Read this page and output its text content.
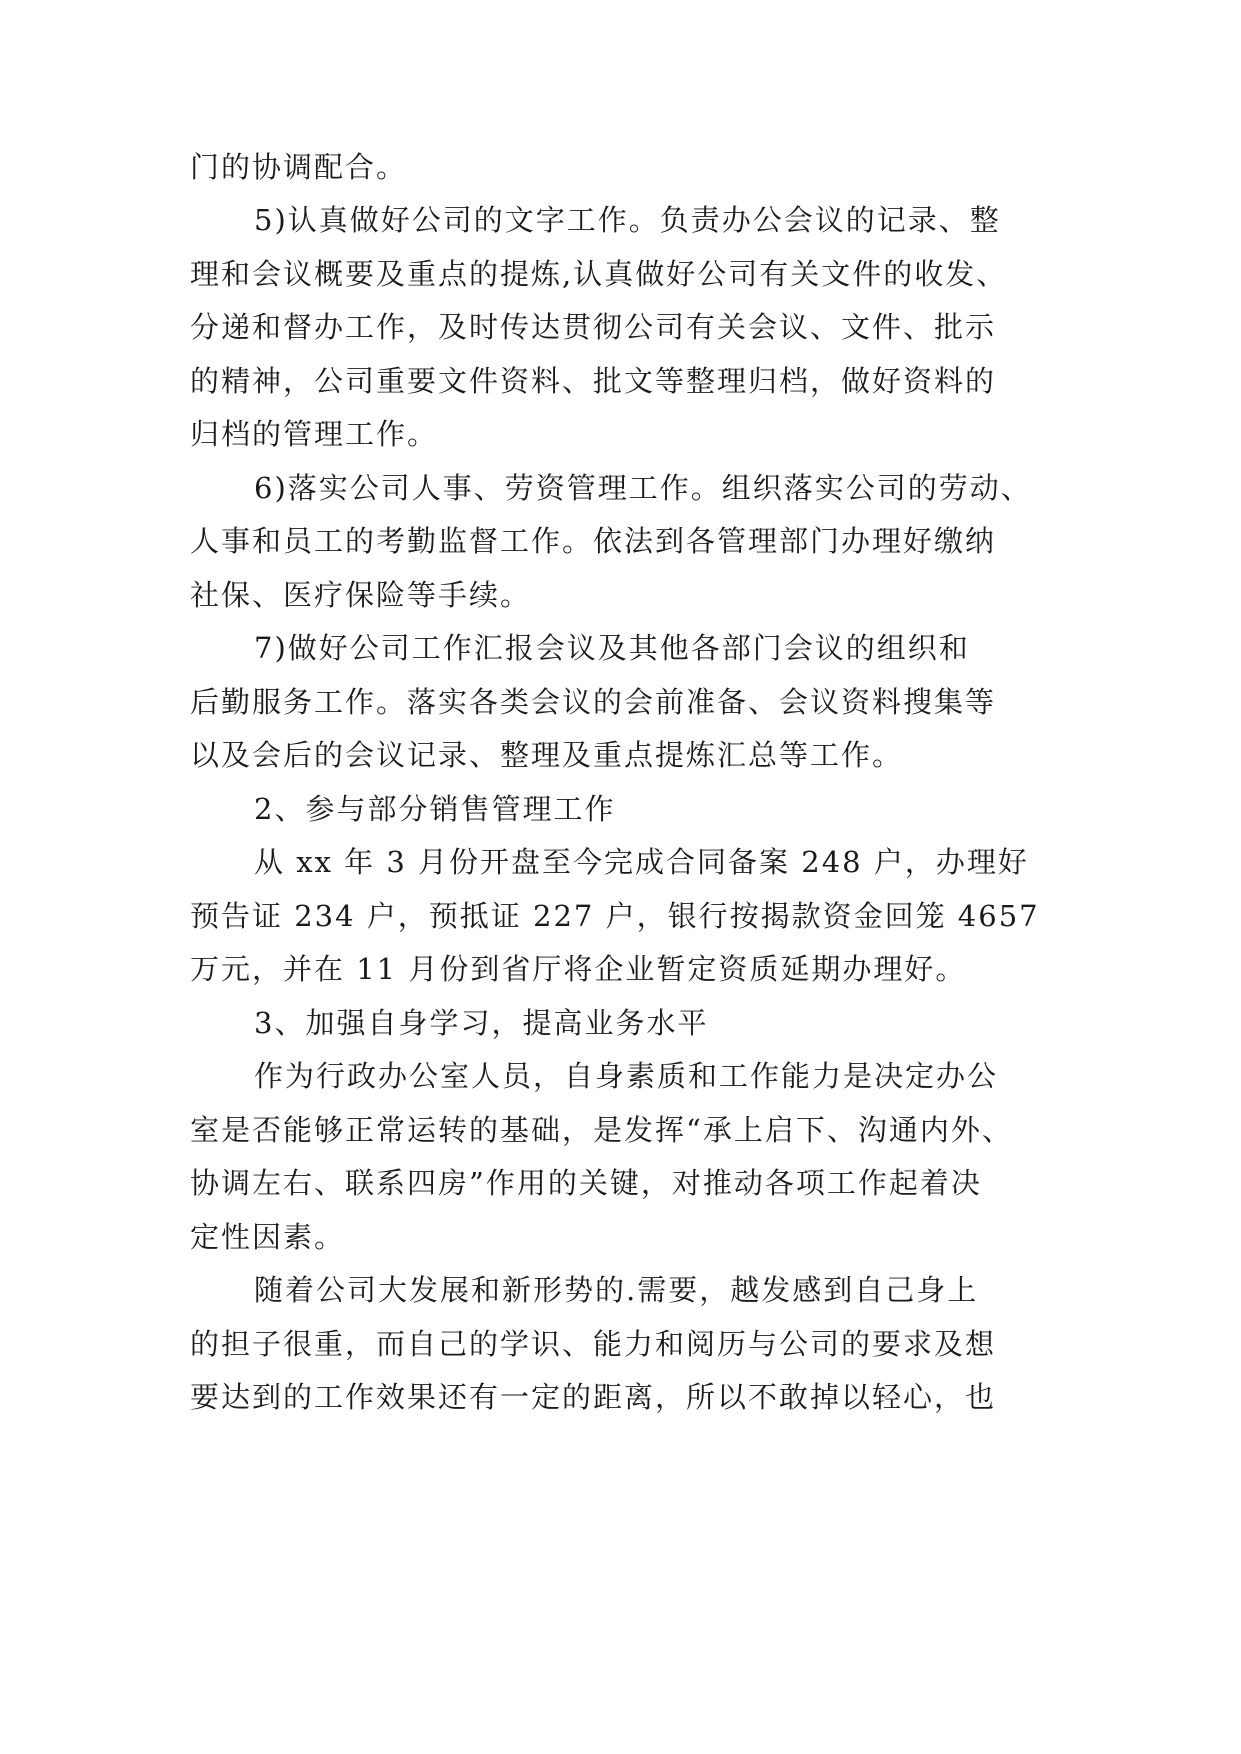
门的协调配合。
5)认真做好公司的文字工作。负责办公会议的记录、整
理和会议概要及重点的提炼,认真做好公司有关文件的收发、
分递和督办工作，及时传达贯彻公司有关会议、文件、批示
的精神，公司重要文件资料、批文等整理归档，做好资料的
归档的管理工作。
6)落实公司人事、劳资管理工作。组织落实公司的劳动、
人事和员工的考勤监督工作。依法到各管理部门办理好缴纳
社保、医疗保险等手续。
7)做好公司工作汇报会议及其他各部门会议的组织和
后勤服务工作。落实各类会议的会前准备、会议资料搜集等
以及会后的会议记录、整理及重点提炼汇总等工作。
2、参与部分销售管理工作
从 xx 年 3 月份开盘至今完成合同备案 248 户，办理好
预告证 234 户，预抵证 227 户，银行按揭款资金回笼 4657
万元，并在 11 月份到省厅将企业暂定资质延期办理好。
3、加强自身学习，提高业务水平
作为行政办公室人员，自身素质和工作能力是决定办公
室是否能够正常运转的基础，是发挥“承上启下、沟通内外、
协调左右、联系四房”作用的关键，对推动各项工作起着决
定性因素。
随着公司大发展和新形势的.需要，越发感到自己身上
的担子很重，而自己的学识、能力和阅历与公司的要求及想
要达到的工作效果还有一定的距离，所以不敢掉以轻心，也
